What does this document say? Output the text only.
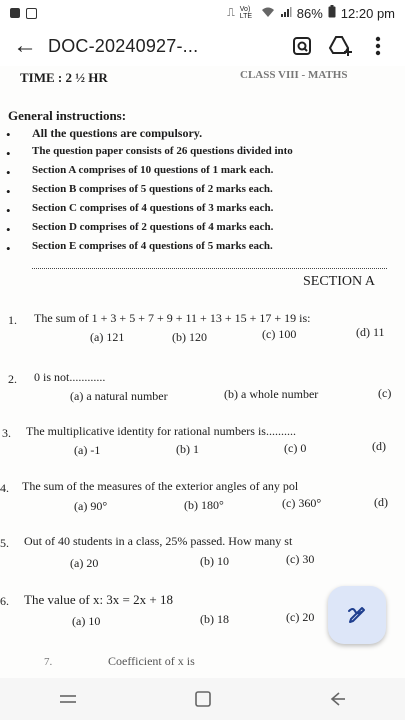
⎍ Vo) LTE	86% 12:20 pm
← DOC-20240927-...
TIME : 2 ½ HR	CLASS VIII - MATHS
General instructions:
• All the questions are compulsory.
• The question paper consists of 26 questions divided into
• Section A comprises of 10 questions of 1 mark each.
• Section B comprises of 5 questions of 2 marks each.
• Section C comprises of 4 questions of 3 marks each.
• Section D comprises of 2 questions of 4 marks each.
• Section E comprises of 4 questions of 5 marks each.
SECTION A
1. The sum of 1 + 3 + 5 + 7 + 9 + 11 + 13 + 15 + 17 + 19 is:
(a) 121	(b) 120	(c) 100	(d) 11
2. 0 is not............
(a) a natural number	(b) a whole number	(c)
3. The multiplicative identity for rational numbers is..........
(a) -1	(b) 1	(c) 0	(d)
4. The sum of the measures of the exterior angles of any pol
(a) 90°	(b) 180°	(c) 360°	(d)
5. Out of 40 students in a class, 25% passed. How many st
(a) 20	(b) 10	(c) 30
6. The value of x: 3x = 2x + 18
(a) 10	(b) 18	(c) 20
7.	Coefficient of x is
